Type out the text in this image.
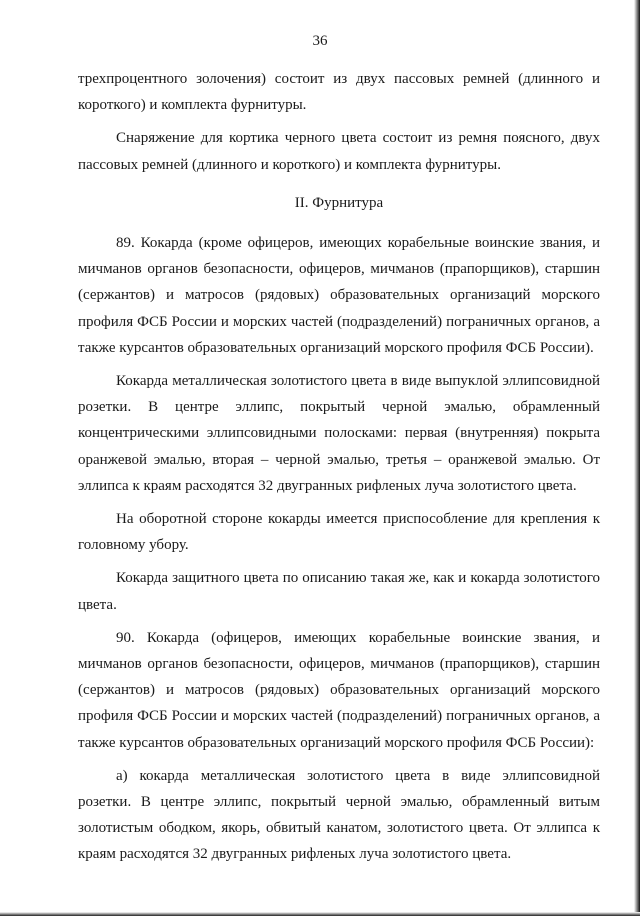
36

трехпроцентного золочения) состоит из двух пассовых ремней (длинного и короткого) и комплекта фурнитуры.

Снаряжение для кортика черного цвета состоит из ремня поясного, двух пассовых ремней (длинного и короткого) и комплекта фурнитуры.

II. Фурнитура

89. Кокарда (кроме офицеров, имеющих корабельные воинские звания, и мичманов органов безопасности, офицеров, мичманов (прапорщиков), старшин (сержантов) и матросов (рядовых) образовательных организаций морского профиля ФСБ России и морских частей (подразделений) пограничных органов, а также курсантов образовательных организаций морского профиля ФСБ России).

Кокарда металлическая золотистого цвета в виде выпуклой эллипсовидной розетки. В центре эллипс, покрытый черной эмалью, обрамленный концентрическими эллипсовидными полосками: первая (внутренняя) покрыта оранжевой эмалью, вторая – черной эмалью, третья – оранжевой эмалью. От эллипса к краям расходятся 32 двугранных рифленых луча золотистого цвета.

На оборотной стороне кокарды имеется приспособление для крепления к головному убору.

Кокарда защитного цвета по описанию такая же, как и кокарда золотистого цвета.

90. Кокарда (офицеров, имеющих корабельные воинские звания, и мичманов органов безопасности, офицеров, мичманов (прапорщиков), старшин (сержантов) и матросов (рядовых) образовательных организаций морского профиля ФСБ России и морских частей (подразделений) пограничных органов, а также курсантов образовательных организаций морского профиля ФСБ России):

а) кокарда металлическая золотистого цвета в виде эллипсовидной розетки. В центре эллипс, покрытый черной эмалью, обрамленный витым золотистым ободком, якорь, обвитый канатом, золотистого цвета. От эллипса к краям расходятся 32 двугранных рифленых луча золотистого цвета.
